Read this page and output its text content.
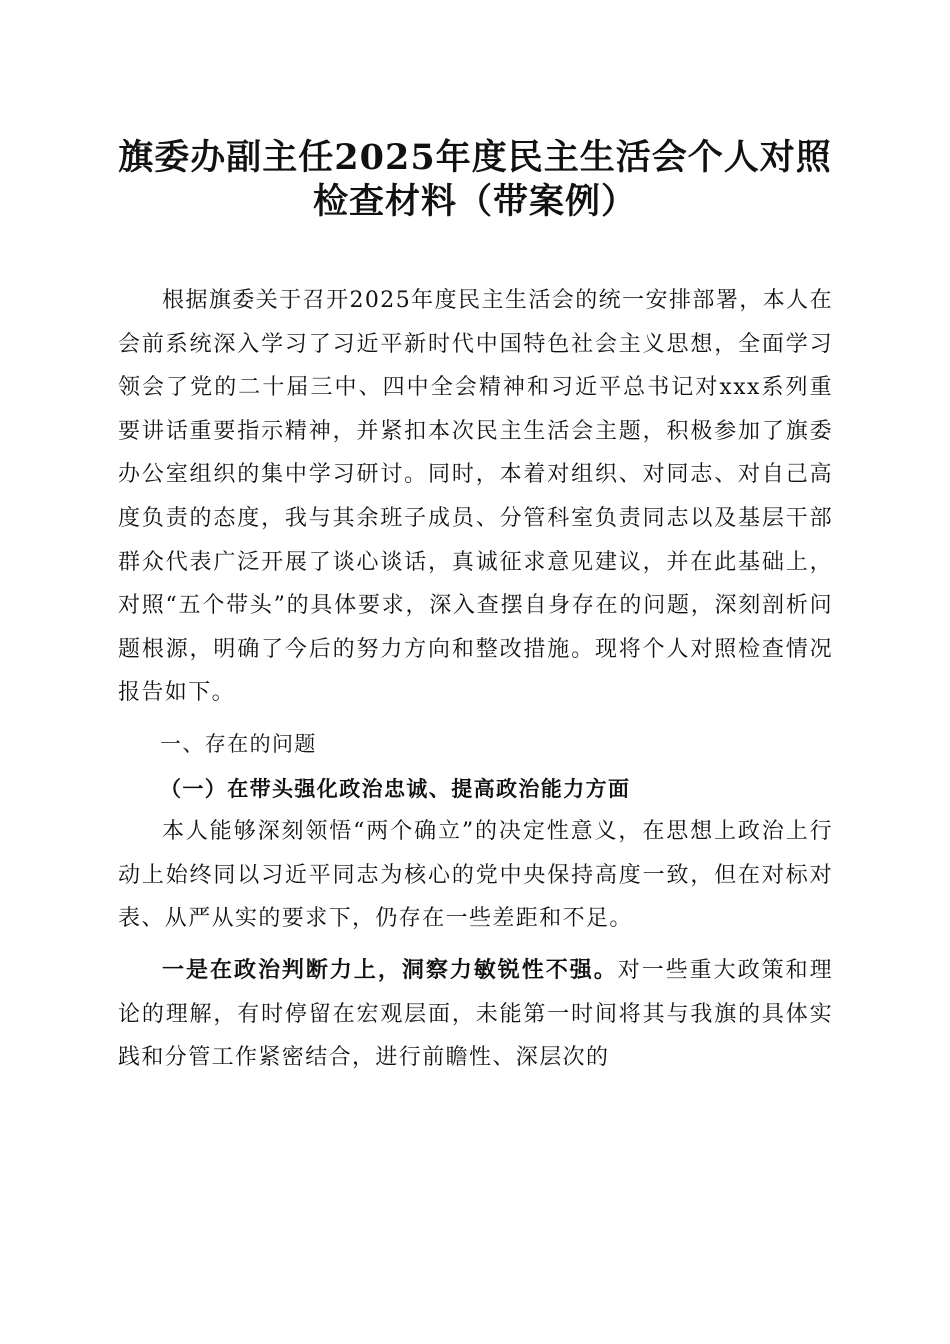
旗委办副主任2025年度民主生活会个人对照
检查材料（带案例）

根据旗委关于召开2025年度民主生活会的统一安排部署，本人在会前系统深入学习了习近平新时代中国特色社会主义思想，全面学习领会了党的二十届三中、四中全会精神和习近平总书记对xxx系列重要讲话重要指示精神，并紧扣本次民主生活会主题，积极参加了旗委办公室组织的集中学习研讨。同时，本着对组织、对同志、对自己高度负责的态度，我与其余班子成员、分管科室负责同志以及基层干部群众代表广泛开展了谈心谈话，真诚征求意见建议，并在此基础上，对照“五个带头”的具体要求，深入查摆自身存在的问题，深刻剖析问题根源，明确了今后的努力方向和整改措施。现将个人对照检查情况报告如下。

一、存在的问题

（一）在带头强化政治忠诚、提高政治能力方面

本人能够深刻领悟“两个确立”的决定性意义，在思想上政治上行动上始终同以习近平同志为核心的党中央保持高度一致，但在对标对表、从严从实的要求下，仍存在一些差距和不足。

一是在政治判断力上，洞察力敏锐性不强。对一些重大政策和理论的理解，有时停留在宏观层面，未能第一时间将其与我旗的具体实践和分管工作紧密结合，进行前瞻性、深层次的
